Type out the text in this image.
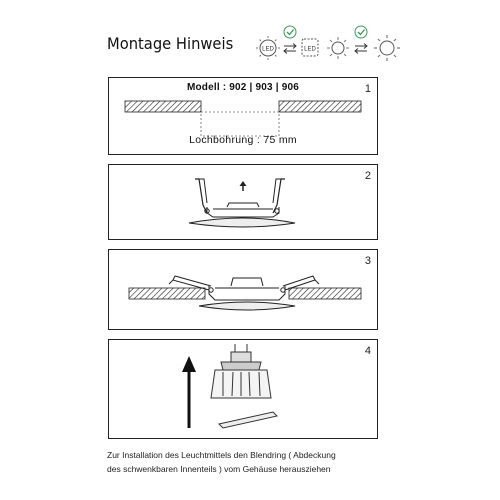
Montage Hinweis	LED	LED
1
Modell : 902 | 903 | 906
Lochbohrung : 75 mm
2
3
4
Zur Installation des Leuchtmittels den Blendring ( Abdeckung
des schwenkbaren Innenteils ) vom Gehäuse herausziehen
